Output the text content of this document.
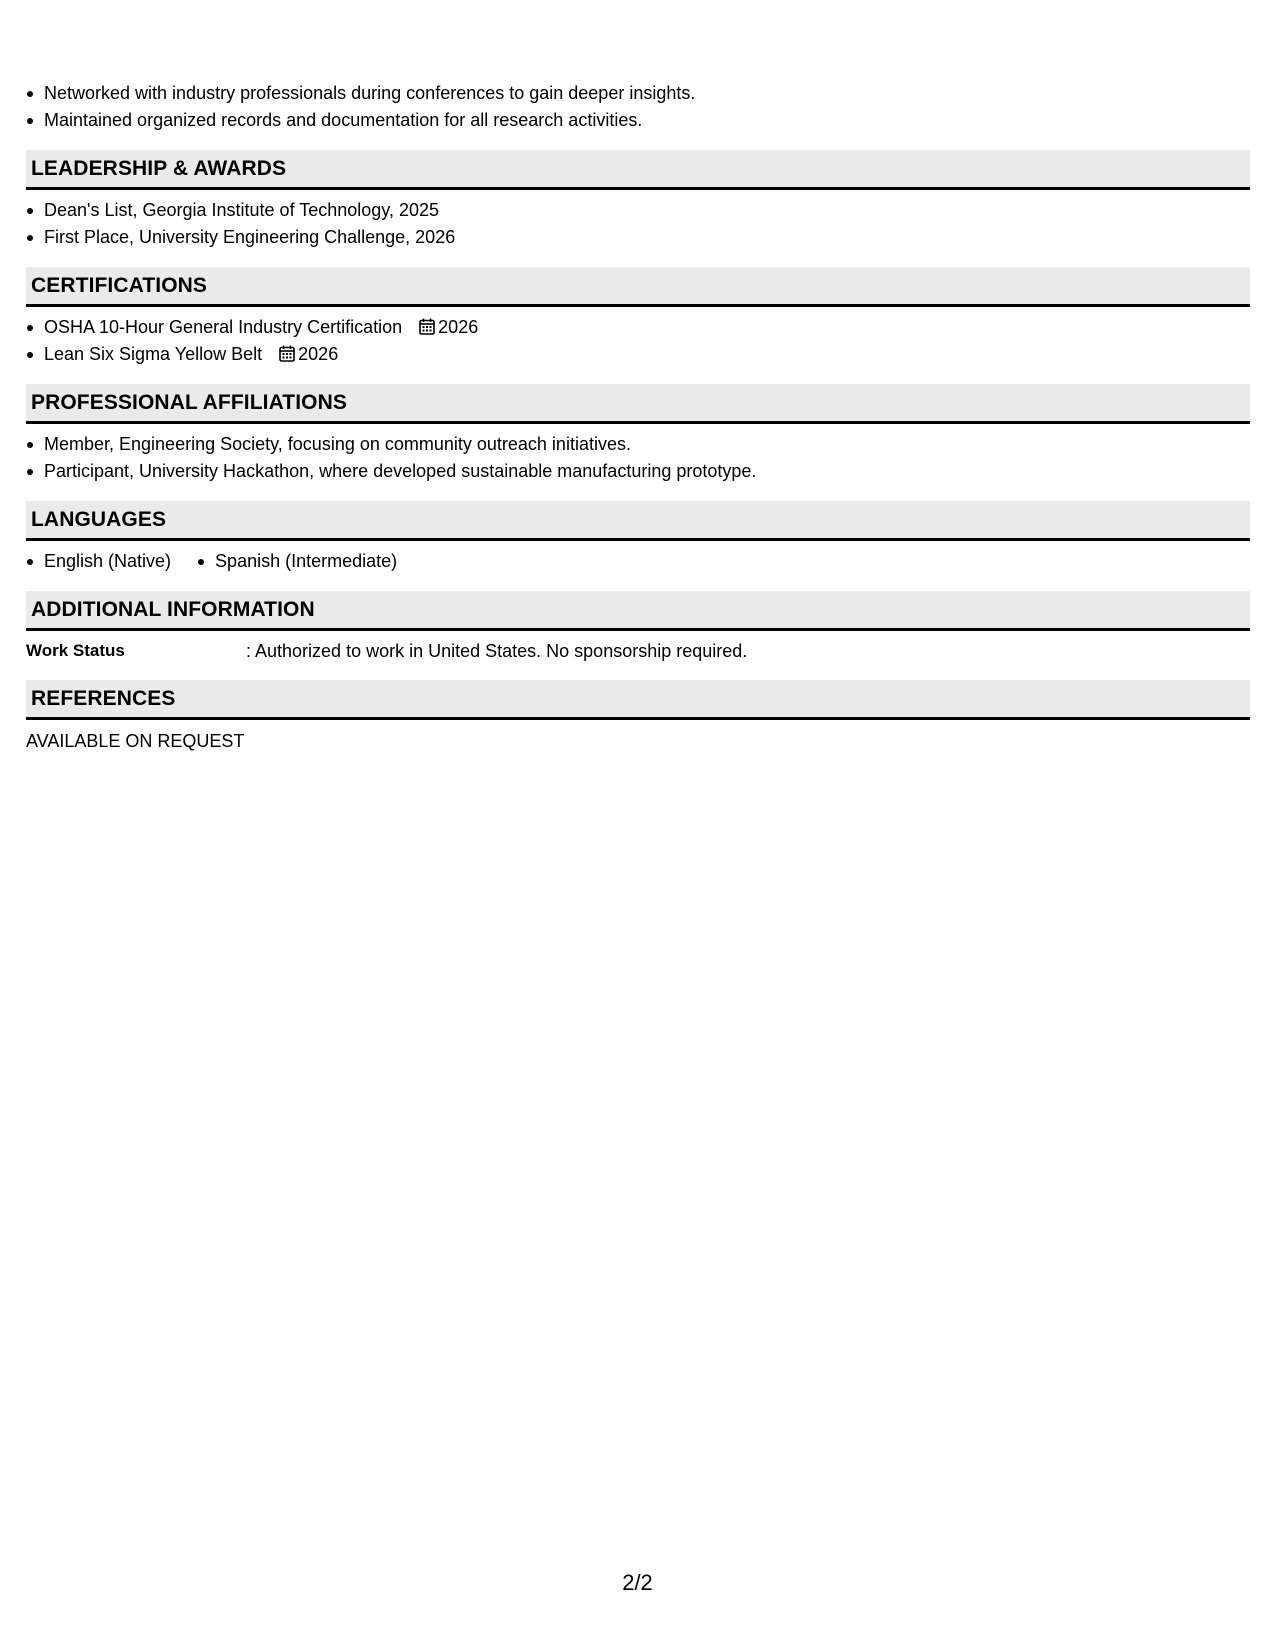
Networked with industry professionals during conferences to gain deeper insights.
Maintained organized records and documentation for all research activities.
LEADERSHIP & AWARDS
Dean's List, Georgia Institute of Technology, 2025
First Place, University Engineering Challenge, 2026
CERTIFICATIONS
OSHA 10-Hour General Industry Certification 2026
Lean Six Sigma Yellow Belt 2026
PROFESSIONAL AFFILIATIONS
Member, Engineering Society, focusing on community outreach initiatives.
Participant, University Hackathon, where developed sustainable manufacturing prototype.
LANGUAGES
English (Native)	Spanish (Intermediate)
ADDITIONAL INFORMATION
Work Status	: Authorized to work in United States. No sponsorship required.
REFERENCES
AVAILABLE ON REQUEST
2/2
